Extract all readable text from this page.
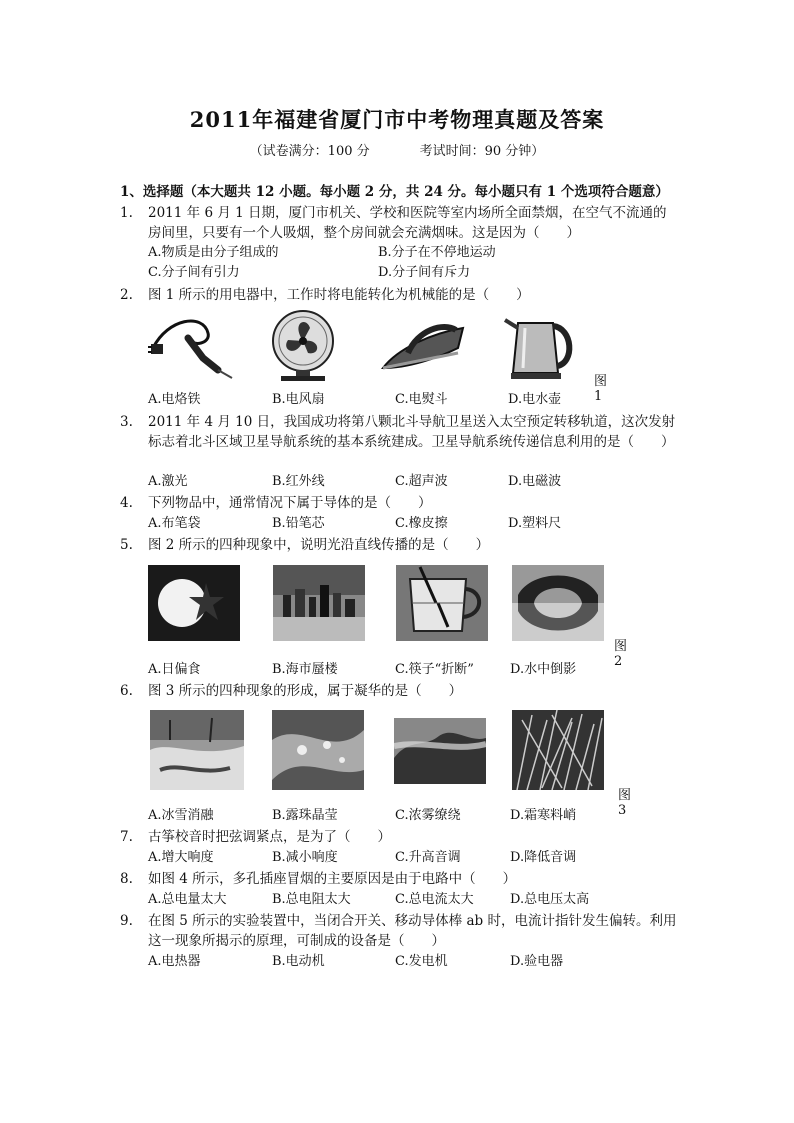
2011年福建省厦门市中考物理真题及答案
（试卷满分：100 分	考试时间：90 分钟）
1、选择题（本大题共 12 小题。每小题 2 分，共 24 分。每小题只有 1 个选项符合题意）
1.	2011 年 6 月 1 日期，厦门市机关、学校和医院等室内场所全面禁烟，在空气不流通的房间里，只要有一个人吸烟，整个房间就会充满烟味。这是因为（　　）
A.物质是由分子组成的	B.分子在不停地运动
C.分子间有引力	D.分子间有斥力
2.	图 1 所示的用电器中，工作时将电能转化为机械能的是（　　）
图1
A.电烙铁	B.电风扇	C.电熨斗	D.电水壶
3.	2011 年 4 月 10 日，我国成功将第八颗北斗导航卫星送入太空预定转移轨道，这次发射标志着北斗区域卫星导航系统的基本系统建成。卫星导航系统传递信息利用的是（　　）
A.激光	B.红外线	C.超声波	D.电磁波
4.	下列物品中，通常情况下属于导体的是（　　）
A.布笔袋	B.铅笔芯	C.橡皮擦	D.塑料尺
5.	图 2 所示的四种现象中，说明光沿直线传播的是（　　）
图2
A.日偏食	B.海市蜃楼	C.筷子“折断”	D.水中倒影
6.	图 3 所示的四种现象的形成，属于凝华的是（　　）
图3
A.冰雪消融	B.露珠晶莹	C.浓雾缭绕	D.霜寒料峭
7.	古筝校音时把弦调紧点，是为了（　　）
A.增大响度	B.减小响度	C.升高音调	D.降低音调
8.	如图 4 所示，多孔插座冒烟的主要原因是由于电路中（　　）
A.总电量太大	B.总电阻太大	C.总电流太大	D.总电压太高
9.	在图 5 所示的实验装置中，当闭合开关、移动导体棒 ab 时，电流计指针发生偏转。利用这一现象所揭示的原理，可制成的设备是（　　）
A.电热器	B.电动机	C.发电机	D.验电器
